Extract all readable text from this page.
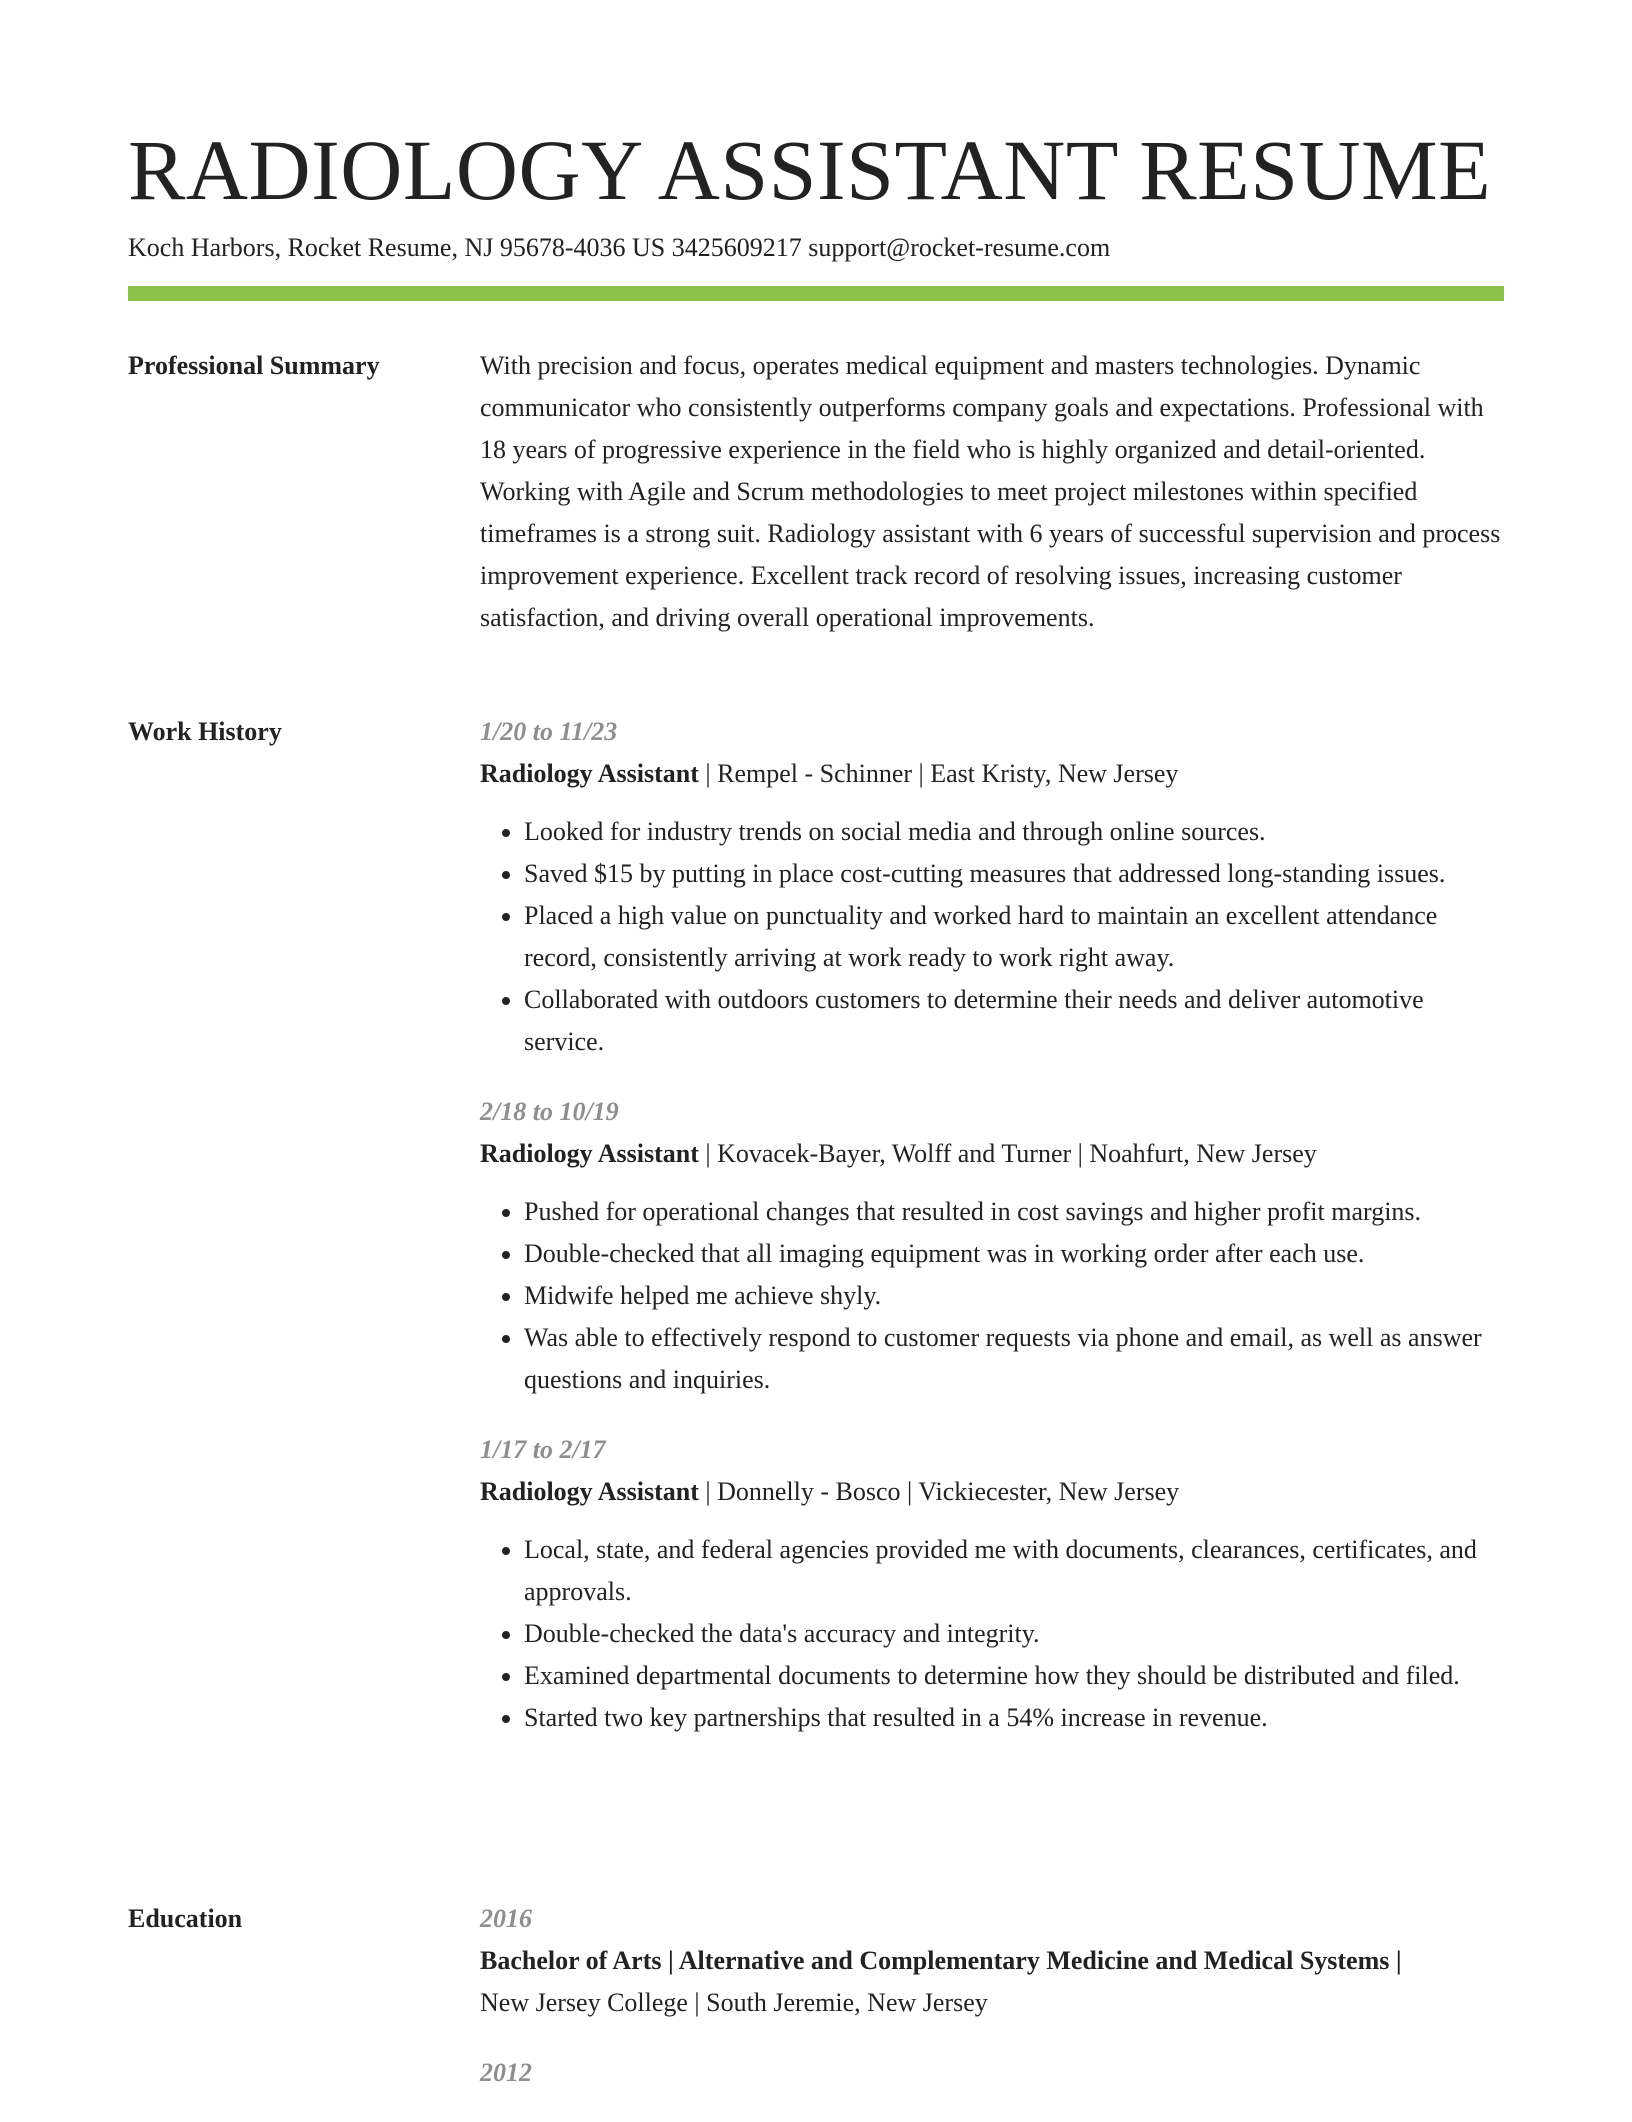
RADIOLOGY ASSISTANT RESUME
Koch Harbors, Rocket Resume, NJ 95678-4036 US 3425609217 support@rocket-resume.com
Professional Summary	With precision and focus, operates medical equipment and masters technologies. Dynamic communicator who consistently outperforms company goals and expectations. Professional with 18 years of progressive experience in the field who is highly organized and detail-oriented. Working with Agile and Scrum methodologies to meet project milestones within specified timeframes is a strong suit. Radiology assistant with 6 years of successful supervision and process improvement experience. Excellent track record of resolving issues, increasing customer satisfaction, and driving overall operational improvements.

Work History	1/20 to 11/23
Radiology Assistant | Rempel - Schinner | East Kristy, New Jersey
• Looked for industry trends on social media and through online sources.
• Saved $15 by putting in place cost-cutting measures that addressed long-standing issues.
• Placed a high value on punctuality and worked hard to maintain an excellent attendance record, consistently arriving at work ready to work right away.
• Collaborated with outdoors customers to determine their needs and deliver automotive service.
2/18 to 10/19
Radiology Assistant | Kovacek-Bayer, Wolff and Turner | Noahfurt, New Jersey
• Pushed for operational changes that resulted in cost savings and higher profit margins.
• Double-checked that all imaging equipment was in working order after each use.
• Midwife helped me achieve shyly.
• Was able to effectively respond to customer requests via phone and email, as well as answer questions and inquiries.
1/17 to 2/17
Radiology Assistant | Donnelly - Bosco | Vickiecester, New Jersey
• Local, state, and federal agencies provided me with documents, clearances, certificates, and approvals.
• Double-checked the data's accuracy and integrity.
• Examined departmental documents to determine how they should be distributed and filed.
• Started two key partnerships that resulted in a 54% increase in revenue.
Education	2016
Bachelor of Arts | Alternative and Complementary Medicine and Medical Systems |
New Jersey College | South Jeremie, New Jersey
2012
